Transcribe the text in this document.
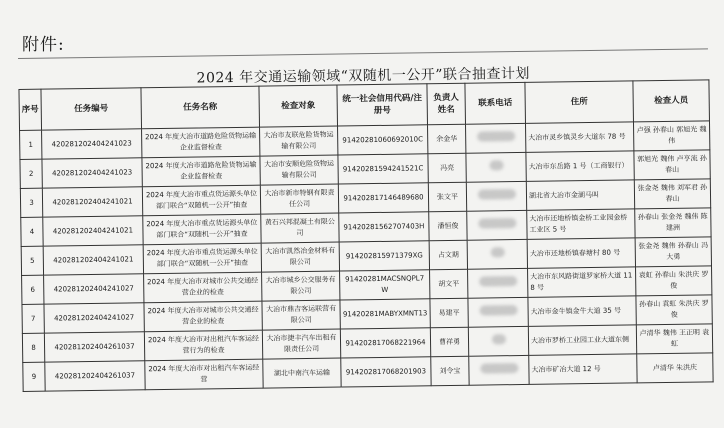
附件:
2024 年交通运输领域“双随机一公开”联合抽查计划
序号	任务编号	任务名称	检查对象	统一社会信用代码/注册号	负责人姓名	联系电话	住所	检查人员
1	420281202404241023	2024 年度大冶市道路危险货物运输企业监督检查	大冶市友联危险货物运输有限公司	91420281060692010C	余金华		大冶市灵乡镇灵乡大道东 78 号	卢强 孙春山 郭旭光 魏伟
2	420281202404241023	2024 年度大冶市道路危险货物运输企业监督检查	大冶市安顺危险货物运输有限公司	91420281594241521C	冯亮		大冶市东岳路 1 号（工商银行）	郭旭光 魏伟 卢亨流 孙春山
3	420281202404241021	2024 年度大冶市重点货运源头单位部门联合“双随机一公开”抽查	大冶市新市特钢有限责任公司	914202817146489680	张文平		湖北省大冶市金湖马叫	张金尧 魏伟 刘军君 孙春山
4	420281202404241021	2024 年度大冶市重点货运源头单位部门联合“双随机一公开”抽查	黄石兴邦混凝土有限公司	91420281562707403H	潘恒俊		大冶市还地桥镇金桥工业园金桥工业区 5 号	孙春山 张金尧 魏伟 陈建洲
5	420281202404241021	2024 年度大冶市重点货运源头单位部门联合“双随机一公开”抽查	大冶市凯然冶金材料有限公司	914202815971379XG	占文期		大冶市还地桥镇春塘村 80 号	张金尧 魏伟 孙春山 冯大勇
6	420281202404241027	2024 年度大冶市对城市公共交通经营企业的检查	大冶市城乡公交服务有限公司	91420281MACSNQPL7W	胡文平		大冶市东风路街道罗家桥大道 118 号	袁虹 孙春山 朱洪庆 罗俊
7	420281202404241027	2024 年度大冶市对城市公共交通经营企业的检查	大冶市鼎吉客运联营有限公司	91420281MABYXMNT13	易建平		大冶市金牛镇金牛大道 35 号	孙春山 袁虹 朱洪庆 罗俊
8	420281202404261037	2024 年度大冶市对出租汽车客运经营行为的检查	大冶市捷丰汽车出租有限责任公司	91420281706822196​4	曹祥勇		大冶市罗桥工业园工业大道东侧	卢清华 魏伟 王正明 袁虹
9	420281202404261037	2024 年度大冶市对出租汽车客运经营	湖北中南汽车运输	914202817068201903	刘令宝		大冶市矿冶大道 12 号	卢清华 朱洪庆
